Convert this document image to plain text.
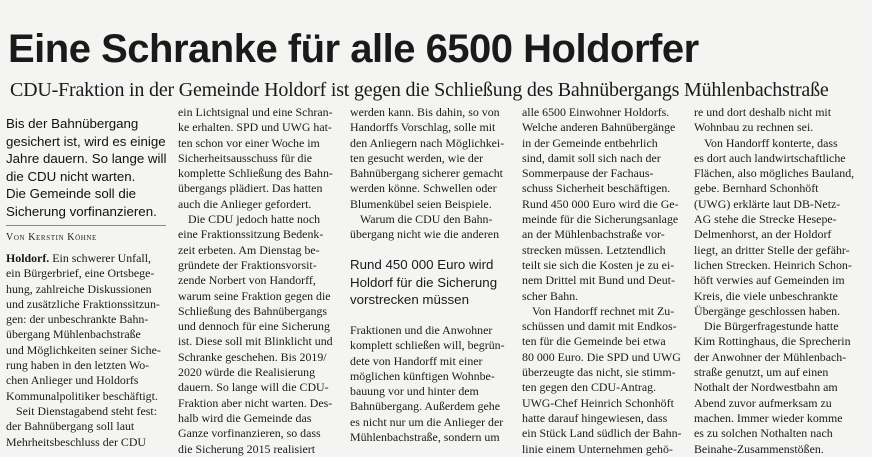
Eine Schranke für alle 6500 Holdorfer
CDU-Fraktion in der Gemeinde Holdorf ist gegen die Schließung des Bahnübergangs Mühlenbachstraße
Bis der Bahnübergang
gesichert ist, wird es einige
Jahre dauern. So lange will
die CDU nicht warten.
Die Gemeinde soll die
Sicherung vorfinanzieren.
Von Kerstin Köhne
Holdorf. Ein schwerer Unfall,
ein Bürgerbrief, eine Ortsbege-
hung, zahlreiche Diskussionen
und zusätzliche Fraktionssitzun-
gen: der unbeschrankte Bahn-
übergang Mühlenbachstraße
und Möglichkeiten seiner Siche-
rung haben in den letzten Wo-
chen Anlieger und Holdorfs
Kommunalpolitiker beschäftigt.
Seit Dienstagabend steht fest:
der Bahnübergang soll laut
Mehrheitsbeschluss der CDU
ein Lichtsignal und eine Schran-
ke erhalten. SPD und UWG hat-
ten schon vor einer Woche im
Sicherheitsausschuss für die
komplette Schließung des Bahn-
übergangs plädiert. Das hatten
auch die Anlieger gefordert.
Die CDU jedoch hatte noch
eine Fraktionssitzung Bedenk-
zeit erbeten. Am Dienstag be-
gründete der Fraktionsvorsit-
zende Norbert von Handorff,
warum seine Fraktion gegen die
Schließung des Bahnübergangs
und dennoch für eine Sicherung
ist. Diese soll mit Blinklicht und
Schranke geschehen. Bis 2019/
2020 würde die Realisierung
dauern. So lange will die CDU-
Fraktion aber nicht warten. Des-
halb wird die Gemeinde das
Ganze vorfinanzieren, so dass
die Sicherung 2015 realisiert
werden kann. Bis dahin, so von
Handorffs Vorschlag, solle mit
den Anliegern nach Möglichkei-
ten gesucht werden, wie der
Bahnübergang sicherer gemacht
werden könne. Schwellen oder
Blumenkübel seien Beispiele.
Warum die CDU den Bahn-
übergang nicht wie die anderen
Rund 450 000 Euro wird
Holdorf für die Sicherung
vorstrecken müssen
Fraktionen und die Anwohner
komplett schließen will, begrün-
dete von Handorff mit einer
möglichen künftigen Wohnbe-
bauung vor und hinter dem
Bahnübergang. Außerdem gehe
es nicht nur um die Anlieger der
Mühlenbachstraße, sondern um
alle 6500 Einwohner Holdorfs.
Welche anderen Bahnübergänge
in der Gemeinde entbehrlich
sind, damit soll sich nach der
Sommerpause der Fachaus-
schuss Sicherheit beschäftigen.
Rund 450 000 Euro wird die Ge-
meinde für die Sicherungsanlage
an der Mühlenbachstraße vor-
strecken müssen. Letztendlich
teilt sie sich die Kosten je zu ei-
nem Drittel mit Bund und Deut-
scher Bahn.
Von Handorff rechnet mit Zu-
schüssen und damit mit Endkos-
ten für die Gemeinde bei etwa
80 000 Euro. Die SPD und UWG
überzeugte das nicht, sie stimm-
ten gegen den CDU-Antrag.
UWG-Chef Heinrich Schonhöft
hatte darauf hingewiesen, dass
ein Stück Land südlich der Bahn-
linie einem Unternehmen gehö-
re und dort deshalb nicht mit
Wohnbau zu rechnen sei.
Von Handorff konterte, dass
es dort auch landwirtschaftliche
Flächen, also mögliches Bauland,
gebe. Bernhard Schonhöft
(UWG) erklärte laut DB-Netz-
AG stehe die Strecke Hesepe-
Delmenhorst, an der Holdorf
liegt, an dritter Stelle der gefähr-
lichen Strecken. Heinrich Schon-
höft verwies auf Gemeinden im
Kreis, die viele unbeschrankte
Übergänge geschlossen haben.
Die Bürgerfragestunde hatte
Kim Rottinghaus, die Sprecherin
der Anwohner der Mühlenbach-
straße genutzt, um auf einen
Nothalt der Nordwestbahn am
Abend zuvor aufmerksam zu
machen. Immer wieder komme
es zu solchen Nothalten nach
Beinahe-Zusammenstößen.
